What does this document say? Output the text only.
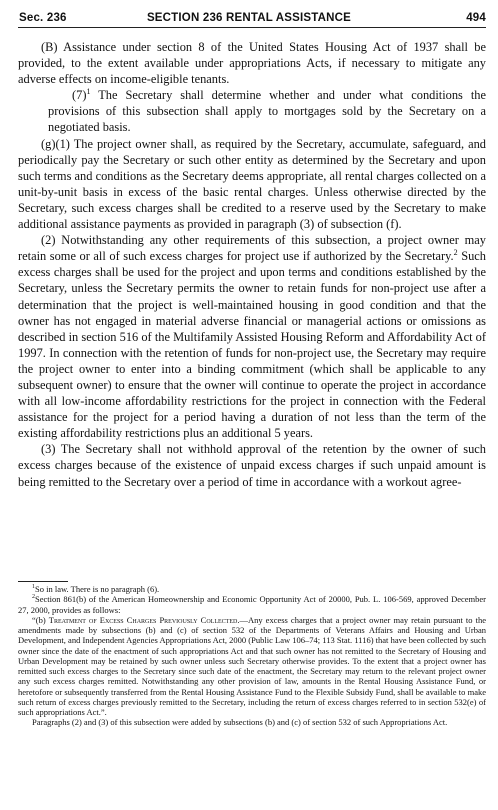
Sec. 236	SECTION 236 RENTAL ASSISTANCE	494

(B) Assistance under section 8 of the United States Housing Act of 1937 shall be provided, to the extent available under appropriations Acts, if necessary to mitigate any adverse effects on income-eligible tenants.

$(7)^1$ The Secretary shall determine whether and under what conditions the provisions of this subsection shall apply to mortgages sold by the Secretary on a negotiated basis.

(g)(1) The project owner shall, as required by the Secretary, accumulate, safeguard, and periodically pay the Secretary or such other entity as determined by the Secretary and upon such terms and conditions as the Secretary deems appropriate, all rental charges collected on a unit-by-unit basis in excess of the basic rental charges. Unless otherwise directed by the Secretary, such excess charges shall be credited to a reserve used by the Secretary to make additional assistance payments as provided in paragraph (3) of subsection (f).

(2) Notwithstanding any other requirements of this subsection, a project owner may retain some or all of such excess charges for project use if authorized by the Secretary.$^2$ Such excess charges shall be used for the project and upon terms and conditions established by the Secretary, unless the Secretary permits the owner to retain funds for non-project use after a determination that the project is well-maintained housing in good condition and that the owner has not engaged in material adverse financial or managerial actions or omissions as described in section 516 of the Multifamily Assisted Housing Reform and Affordability Act of 1997. In connection with the retention of funds for non-project use, the Secretary may require the project owner to enter into a binding commitment (which shall be applicable to any subsequent owner) to ensure that the owner will continue to operate the project in accordance with all low-income affordability restrictions for the project in connection with the Federal assistance for the project for a period having a duration of not less than the term of the existing affordability restrictions plus an additional 5 years.

(3) The Secretary shall not withhold approval of the retention by the owner of such excess charges because of the existence of unpaid excess charges if such unpaid amount is being remitted to the Secretary over a period of time in accordance with a workout agree-

$^1$So in law. There is no paragraph (6).

$^2$Section 861(b) of the American Homeownership and Economic Opportunity Act of 20000, Pub. L. 106-569, approved December 27, 2000, provides as follows:

“(b) Treatment of Excess Charges Previously Collected.—Any excess charges that a project owner may retain pursuant to the amendments made by subsections (b) and (c) of section 532 of the Departments of Veterans Affairs and Housing and Urban Development, and Independent Agencies Appropriations Act, 2000 (Public Law 106–74; 113 Stat. 1116) that have been collected by such owner since the date of the enactment of such appropriations Act and that such owner has not remitted to the Secretary of Housing and Urban Development may be retained by such owner unless such Secretary otherwise provides. To the extent that a project owner has remitted such excess charges to the Secretary since such date of the enactment, the Secretary may return to the relevant project owner any such excess charges remitted. Notwithstanding any other provision of law, amounts in the Rental Housing Assistance Fund, or heretofore or subsequently transferred from the Rental Housing Assistance Fund to the Flexible Subsidy Fund, shall be available to make such return of excess charges previously remitted to the Secretary, including the return of excess charges referred to in section 532(e) of such appropriations Act.”.

Paragraphs (2) and (3) of this subsection were added by subsections (b) and (c) of section 532 of such Appropriations Act.
